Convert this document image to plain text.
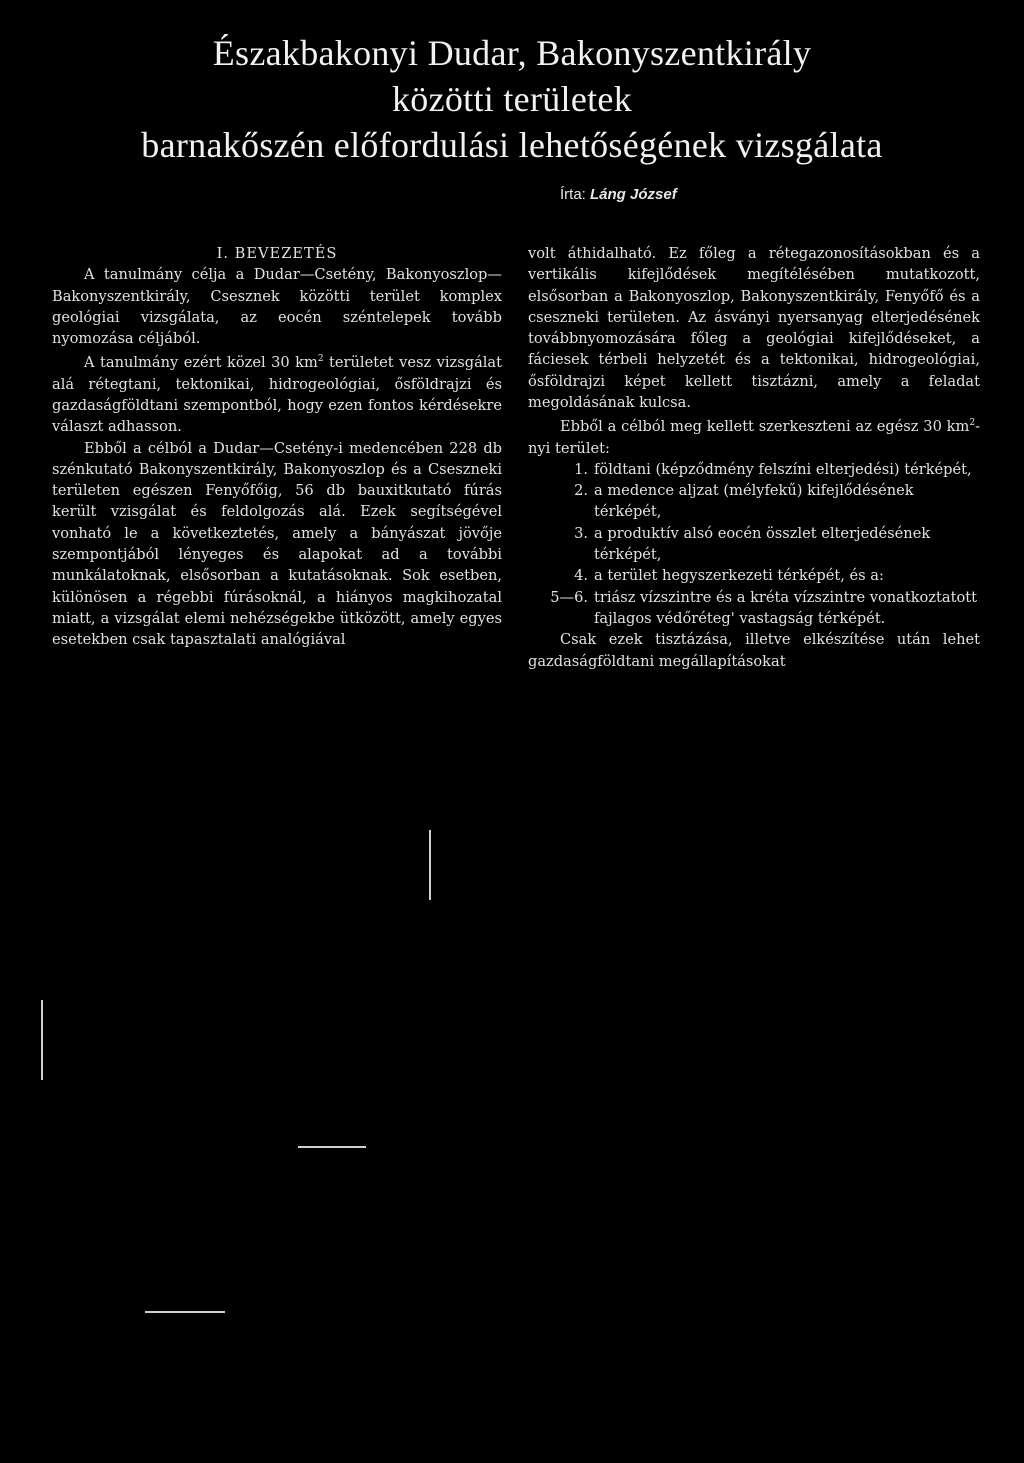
Északbakonyi Dudar, Bakonyszentkirály
közötti területek
barnakőszén előfordulási lehetőségének vizsgálata
Írta: Láng József

I. BEVEZETÉS

A tanulmány célja a Dudar—Csetény, Bakonyoszlop—Bakonyszentkirály, Csesznek közötti terület komplex geológiai vizsgálata, az eocén széntelepek tovább nyomozása céljából.

A tanulmány ezért közel 30 $km^2$ területet vesz vizsgálat alá rétegtani, tektonikai, hidrogeológiai, ősföldrajzi és gazdaságföldtani szempontból, hogy ezen fontos kérdésekre választ adhasson.

Ebből a célból a Dudar—Csetény-i medencében 228 db szénkutató Bakonyszentkirály, Bakonyoszlop és a Cseszneki területen egészen Fenyőfőig, 56 db bauxitkutató fúrás került vzisgálat és feldolgozás alá. Ezek segítségével vonható le a következtetés, amely a bányászat jövője szempontjából lényeges és alapokat ad a további munkálatoknak, elsősorban a kutatásoknak. Sok esetben, különösen a régebbi fúrásoknál, a hiányos magkihozatal miatt, a vizsgálat elemi nehézségekbe ütközött, amely egyes esetekben csak tapasztalati analógiával

volt áthidalható. Ez főleg a rétegazonosításokban és a vertikális kifejlődések megítélésében mutatkozott, elsősorban a Bakonyoszlop, Bakonyszentkirály, Fenyőfő és a cseszneki területen. Az ásványi nyersanyag elterjedésének továbbnyomozására főleg a geológiai kifejlődéseket, a fáciesek térbeli helyzetét és a tektonikai, hidrogeológiai, ősföldrajzi képet kellett tisztázni, amely a feladat megoldásának kulcsa.

Ebből a célból meg kellett szerkeszteni az egész 30 $km^2$-nyi terület:

1. földtani (képződmény felszíni elterjedési) térképét,
2. a medence aljzat (mélyfekű) kifejlődésének térképét,
3. a produktív alsó eocén összlet elterjedésének térképét,
4. a terület hegyszerkezeti térképét, és a:
5—6. triász vízszintre és a kréta vízszintre vonatkoztatott fajlagos védőréteg' vastagság térképét.

Csak ezek tisztázása, illetve elkészítése után lehet gazdaságföldtani megállapításokat
